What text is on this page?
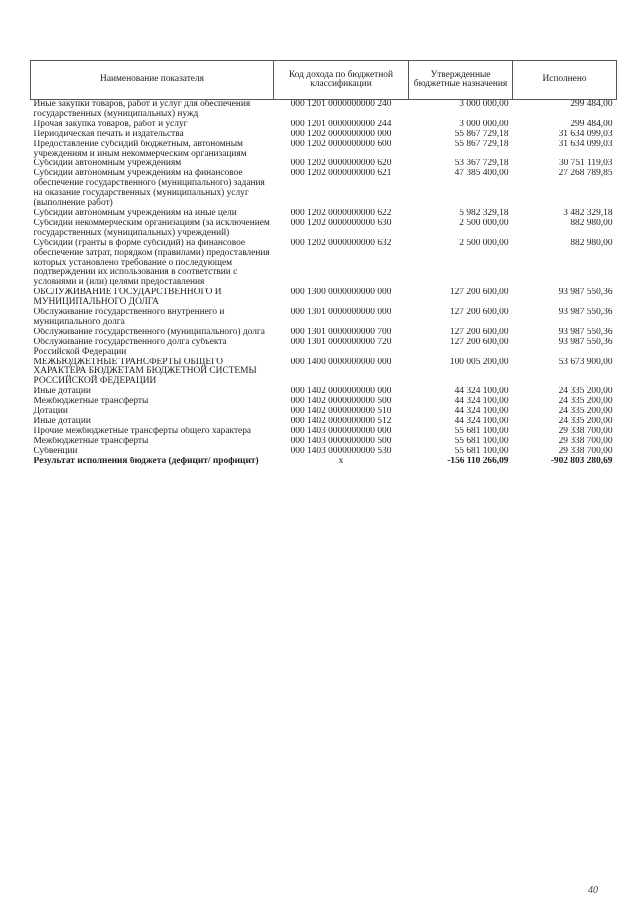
Наименование показателя	Код дохода по бюджетной классификации	Утвержденные бюджетные назначения	Исполнено
Иные закупки товаров, работ и услуг для обеспечения государственных (муниципальных) нужд	000 1201 0000000000 240	3 000 000,00	299 484,00
Прочая закупка товаров, работ и услуг	000 1201 0000000000 244	3 000 000,00	299 484,00
Периодическая печать и издательства	000 1202 0000000000 000	55 867 729,18	31 634 099,03
Предоставление субсидий бюджетным, автономным учреждениям и иным некоммерческим организациям	000 1202 0000000000 600	55 867 729,18	31 634 099,03
Субсидии автономным учреждениям	000 1202 0000000000 620	53 367 729,18	30 751 119,03
Субсидии автономным учреждениям на финансовое обеспечение государственного (муниципального) задания на оказание государственных (муниципальных) услуг (выполнение работ)	000 1202 0000000000 621	47 385 400,00	27 268 789,85
Субсидии автономным учреждениям на иные цели	000 1202 0000000000 622	5 982 329,18	3 482 329,18
Субсидии некоммерческим организациям (за исключением государственных (муниципальных) учреждений)	000 1202 0000000000 630	2 500 000,00	882 980,00
Субсидии (гранты в форме субсидий) на финансовое обеспечение затрат, порядком (правилами) предоставления которых установлено требование о последующем подтверждении их использования в соответствии с условиями и (или) целями предоставления	000 1202 0000000000 632	2 500 000,00	882 980,00
ОБСЛУЖИВАНИЕ ГОСУДАРСТВЕННОГО И МУНИЦИПАЛЬНОГО ДОЛГА	000 1300 0000000000 000	127 200 600,00	93 987 550,36
Обслуживание государственного внутреннего и муниципального долга	000 1301 0000000000 000	127 200 600,00	93 987 550,36
Обслуживание государственного (муниципального) долга	000 1301 0000000000 700	127 200 600,00	93 987 550,36
Обслуживание государственного долга субъекта Российской Федерации	000 1301 0000000000 720	127 200 600,00	93 987 550,36
МЕЖБЮДЖЕТНЫЕ ТРАНСФЕРТЫ ОБЩЕГО ХАРАКТЕРА БЮДЖЕТАМ БЮДЖЕТНОЙ СИСТЕМЫ РОССИЙСКОЙ ФЕДЕРАЦИИ	000 1400 0000000000 000	100 005 200,00	53 673 900,00
Иные дотации	000 1402 0000000000 000	44 324 100,00	24 335 200,00
Межбюджетные трансферты	000 1402 0000000000 500	44 324 100,00	24 335 200,00
Дотации	000 1402 0000000000 510	44 324 100,00	24 335 200,00
Иные дотации	000 1402 0000000000 512	44 324 100,00	24 335 200,00
Прочие межбюджетные трансферты общего характера	000 1403 0000000000 000	55 681 100,00	29 338 700,00
Межбюджетные трансферты	000 1403 0000000000 500	55 681 100,00	29 338 700,00
Субвенции	000 1403 0000000000 530	55 681 100,00	29 338 700,00
Результат исполнения бюджета (дефицит/ профицит)	x	-156 110 266,09	-902 803 280,69
40
